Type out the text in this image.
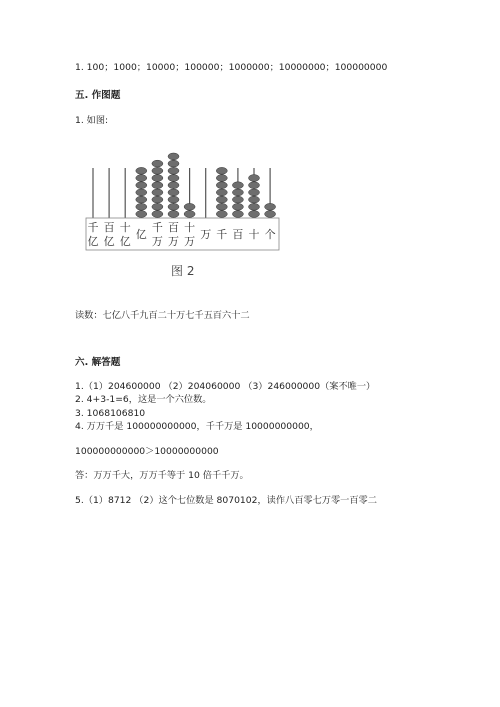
1. 100；1000；10000；100000；1000000；10000000；100000000
五. 作图题
1. 如图:
亿
千
亿
百
亿
十
亿
万
千
万
百
万
十
万 千 百 十 个
图 2
读数：七亿八千九百二十万七千五百六十二
六. 解答题
1.（1）204600000 （2）204060000 （3）246000000（案不唯一）
2. 4+3-1=6，这是一个六位数。
3. 1068106810
4. 万万千是 100000000000，千千万是 10000000000，
100000000000＞10000000000
答：万万千大，万万千等于 10 倍千千万。
5.（1）8712 （2）这个七位数是 8070102，读作八百零七万零一百零二
